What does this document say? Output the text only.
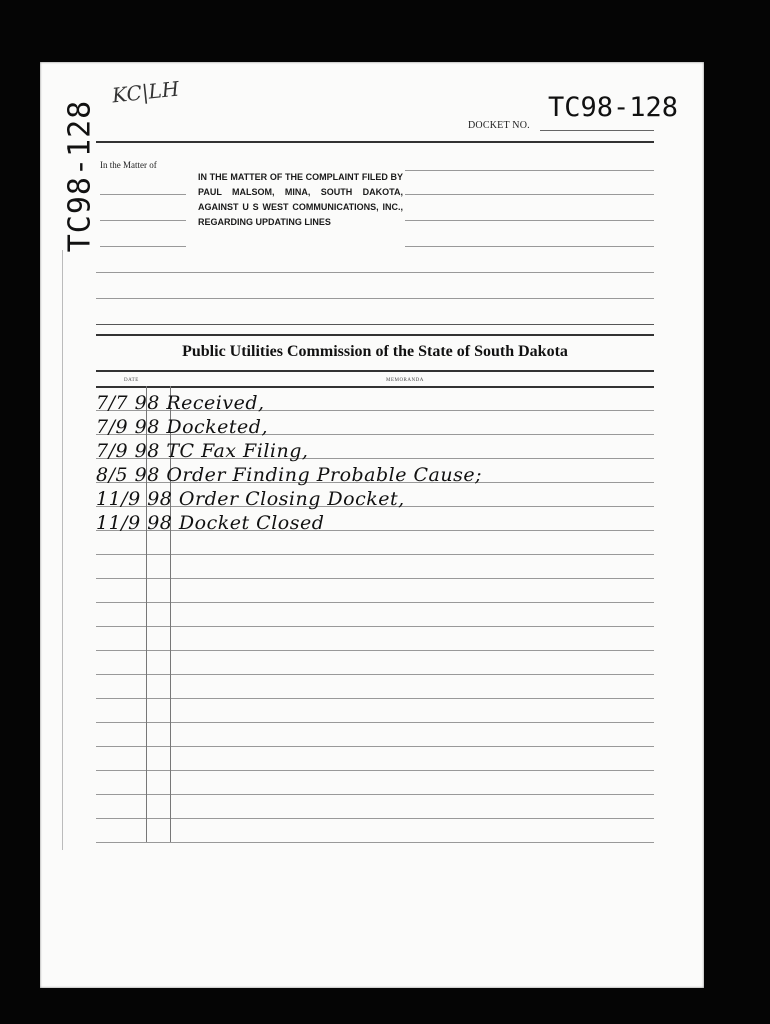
TC98-128
KC|LH	TC98-128
DOCKET NO.
In the Matter of

IN THE MATTER OF THE COMPLAINT FILED BY PAUL MALSOM, MINA, SOUTH DAKOTA, AGAINST U S WEST COMMUNICATIONS, INC., REGARDING UPDATING LINES

Public Utilities Commission of the State of South Dakota
DATE	MEMORANDA
7/7 98 Received,
7/9 98 Docketed,
7/9 98 TC Fax Filing,
8/5 98 Order Finding Probable Cause;
11/9 98 Order Closing Docket,
11/9 98 Docket Closed
